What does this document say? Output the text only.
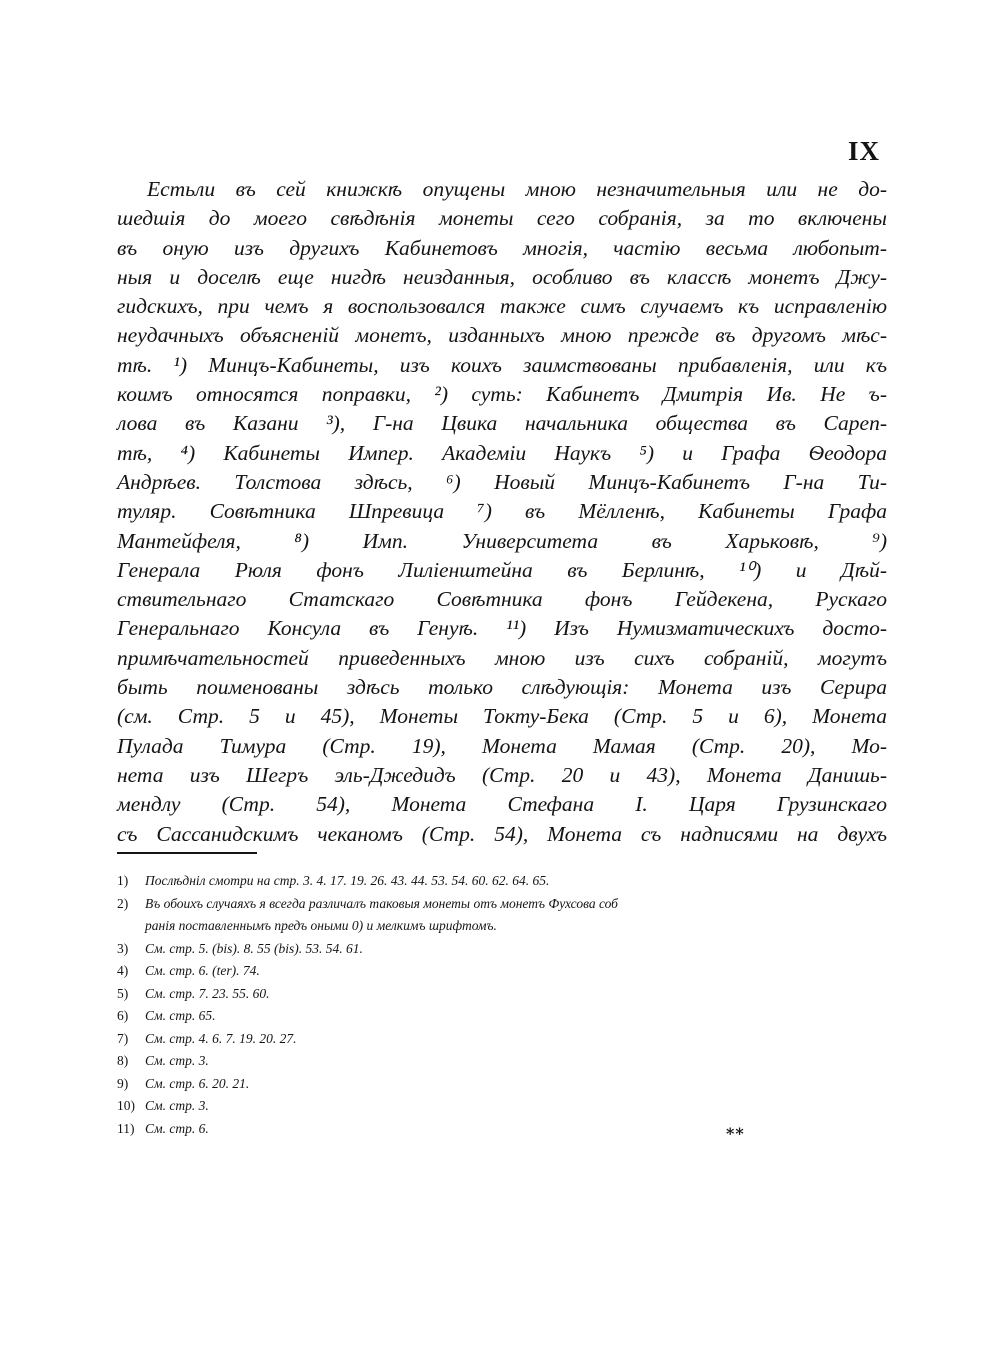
IX
Естьли въ сей книжкѣ опущены мною незначительныя или не до-
шедшія до моего свѣдѣнія монеты сего собранія, за то включены
въ оную изъ другихъ Кабинетовъ многія, частію весьма любопыт-
ныя и доселѣ еще нигдѣ неизданныя, особливо въ классѣ монетъ Джу-
гидскихъ, при чемъ я воспользовался также симъ случаемъ къ исправленію
неудачныхъ объясненій монетъ, изданныхъ мною прежде въ другомъ мѣс-
тѣ. ¹) Минцъ-Кабинеты, изъ коихъ заимствованы прибавленія, или къ
коимъ относятся поправки, ²) суть: Кабинетъ Дмитрія Ив. Не ъ-
лова въ Казани ³), Г-на Цвика начальника общества въ Сареп-
тѣ, ⁴) Кабинеты Импер. Академіи Наукъ ⁵) и Графа Ѳеодора
Андрѣев. Толстова здѣсь, ⁶) Новый Минцъ-Кабинетъ Г-на Ти-
туляр. Совѣтника Шпревица ⁷) въ Мёлленѣ, Кабинеты Графа
Мантейфеля, ⁸) Имп. Университета въ Харьковѣ, ⁹)
Генерала Рюля фонъ Лиліенштейна въ Берлинѣ, ¹⁰) и Дѣй-
ствительнаго Статскаго Совѣтника фонъ Гейдекена, Рускаго
Генеральнаго Консула въ Генуѣ. ¹¹) Изъ Нумизматическихъ досто-
примѣчательностей приведенныхъ мною изъ сихъ собраній, могутъ
быть поименованы здѣсь только слѣдующія: Монета изъ Серира
(см. Стр. 5 и 45), Монеты Токту-Бека (Стр. 5 и 6), Монета
Пуладa Тимура (Стр. 19), Монета Мамая (Стр. 20), Мо-
нета изъ Шегръ эль-Джедидъ (Стр. 20 и 43), Монета Данишь-
мендлу (Стр. 54), Монета Стефана I. Царя Грузинскаго
съ Сассанидскимъ чеканомъ (Стр. 54), Монета съ надписями на двухъ
1) Послѣдніл смотри на стр. 3. 4. 17. 19. 26. 43. 44. 53. 54. 60. 62. 64. 65.
2) Въ обоихъ случаяхъ я всегда различалъ таковыя монеты отъ монетъ Фухсова соб
ранія поставленнымъ предъ оными 0) и мелкимъ шрифтомъ.
3) См. стр. 5. (bis). 8. 55 (bis). 53. 54. 61.
4) См. стр. 6. (ter). 74.
5) См. стр. 7. 23. 55. 60.
6) См. стр. 65.
7) См. стр. 4. 6. 7. 19. 20. 27.
8) См. стр. 3.
9) См. стр. 6. 20. 21.
10) См. стр. 3.
11) См. стр. 6.	**
